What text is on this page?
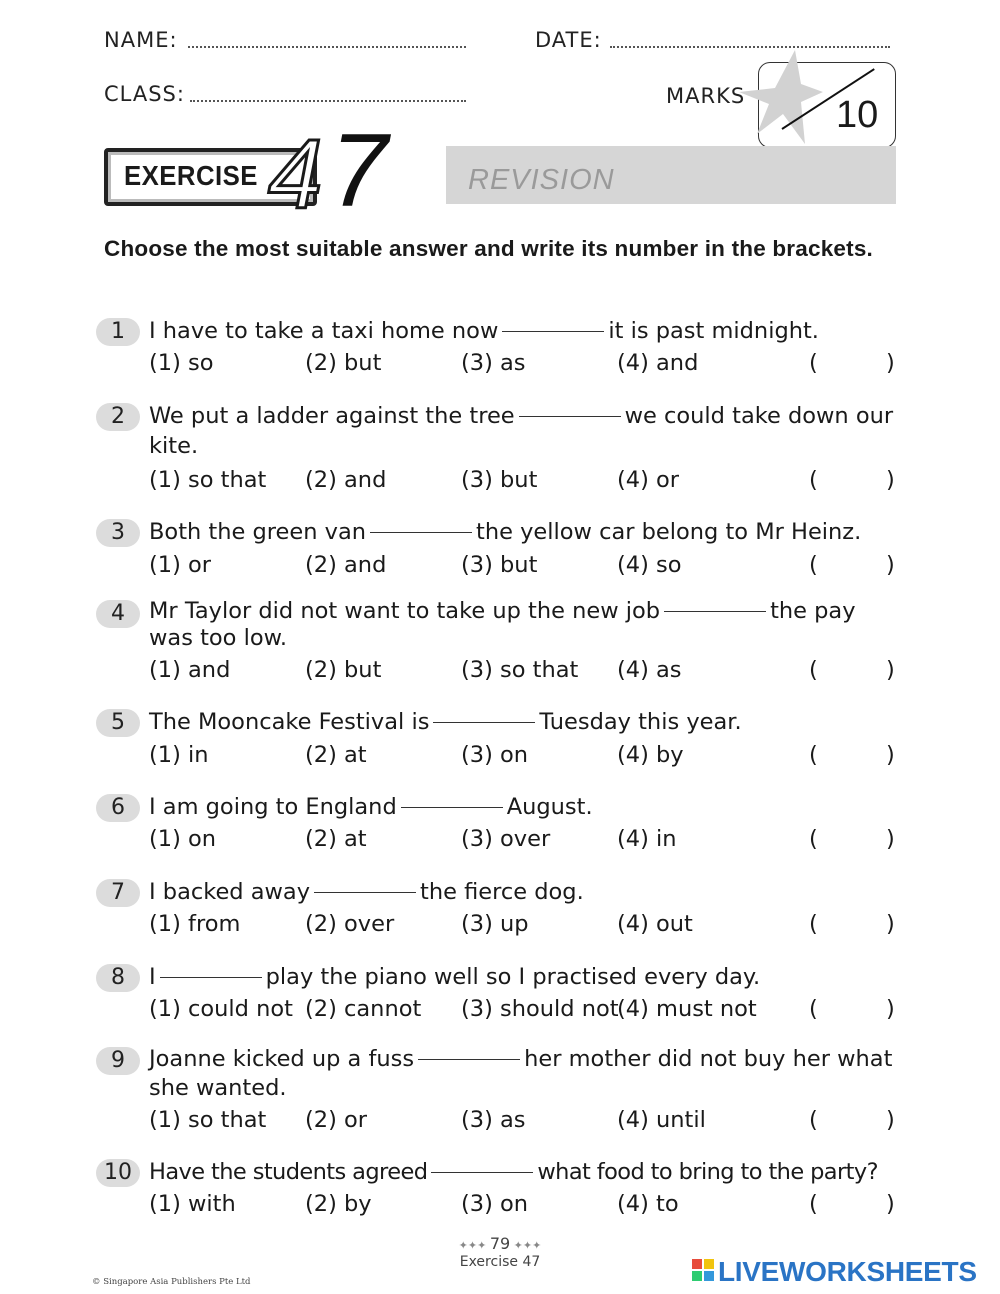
NAME:	DATE:
CLASS:	MARKS 10
EXERCISE 4 7	REVISION
Choose the most suitable answer and write its number in the brackets.
1	I have to take a taxi home now	it is past midnight.
(1) so	(2) but	(3) as	(4) and	(	)
2	We put a ladder against the tree	we could take down our kite.
(1) so that (2) and	(3) but	(4) or	(	)
3	Both the green van	the yellow car belong to Mr Heinz.
(1) or	(2) and	(3) but	(4) so	(	)
4	Mr Taylor did not want to take up the new job	the pay was too low.
(1) and	(2) but	(3) so that (4) as	(	)
5	The Mooncake Festival is	Tuesday this year.
(1) in	(2) at	(3) on	(4) by	(	)
6	I am going to England	August.
(1) on	(2) at	(3) over	(4) in	(	)
7	I backed away	the fierce dog.
(1) from	(2) over	(3) up	(4) out	(	)
8	I	play the piano well so I practised every day.
(1) could not (2) cannot (3) should not
(4) must not (	)
9	Joanne kicked up a fuss	her mother did not buy her what she wanted.
(1) so that (2) or	(3) as	(4) until	(	)
10 Have the students agreed	what food to bring to the party?
(1) with	(2) by	(3) on	(4) to	(	)
✦✦✦ 79 ✦✦✦
Exercise 47
© Singapore Asia Publishers Pte Ltd	LIVEWORKSHEETS
